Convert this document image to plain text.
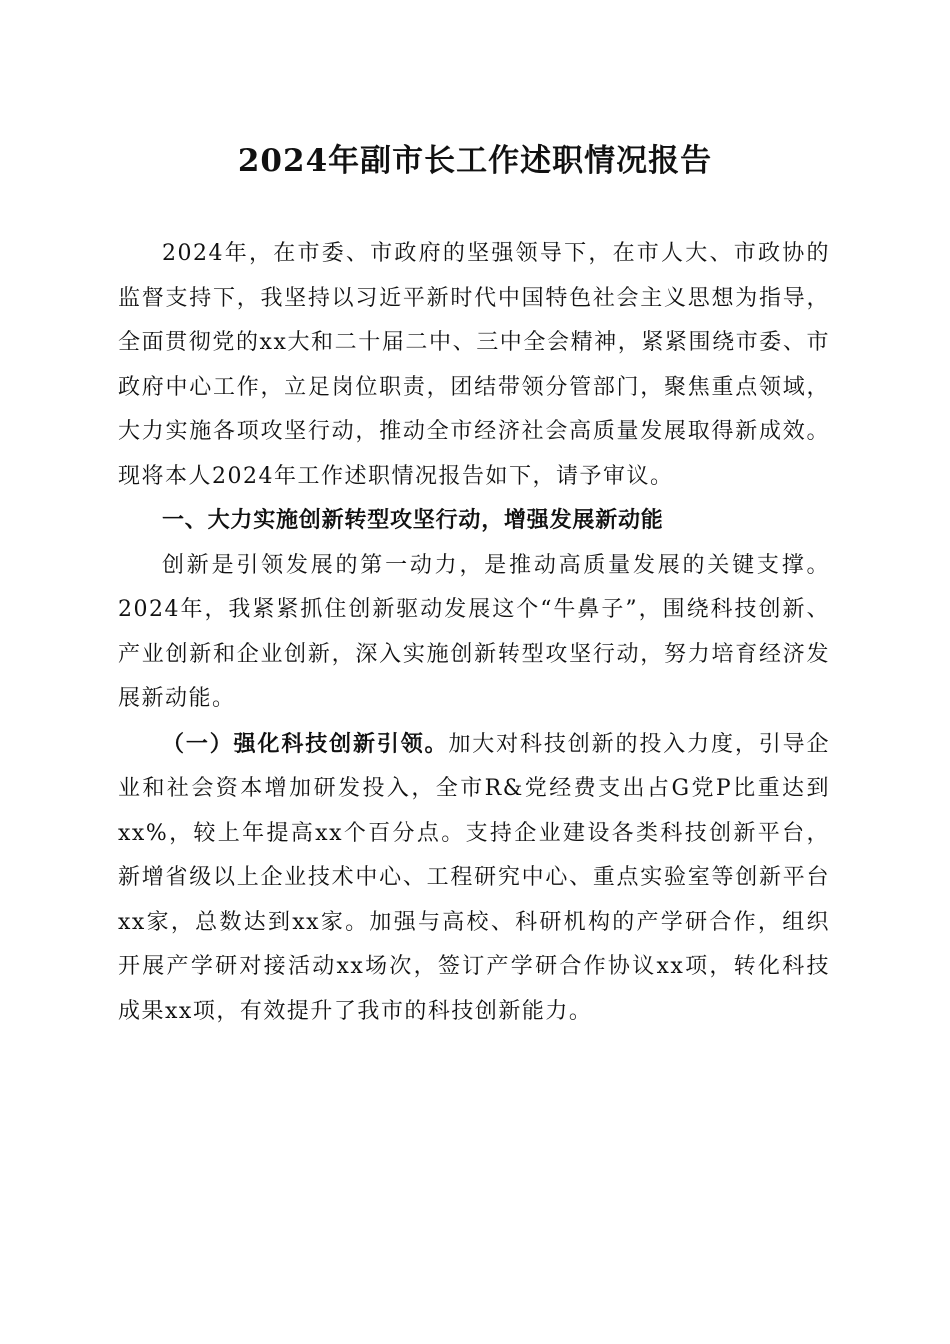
2024年副市长工作述职情况报告

2024年，在市委、市政府的坚强领导下，在市人大、市政协的监督支持下，我坚持以习近平新时代中国特色社会主义思想为指导，全面贯彻党的xx大和二十届二中、三中全会精神，紧紧围绕市委、市政府中心工作，立足岗位职责，团结带领分管部门，聚焦重点领域，大力实施各项攻坚行动，推动全市经济社会高质量发展取得新成效。现将本人2024年工作述职情况报告如下，请予审议。

一、大力实施创新转型攻坚行动，增强发展新动能

创新是引领发展的第一动力，是推动高质量发展的关键支撑。2024年，我紧紧抓住创新驱动发展这个“牛鼻子”，围绕科技创新、产业创新和企业创新，深入实施创新转型攻坚行动，努力培育经济发展新动能。

（一）强化科技创新引领。加大对科技创新的投入力度，引导企业和社会资本增加研发投入，全市R&党经费支出占G党P比重达到xx%，较上年提高xx个百分点。支持企业建设各类科技创新平台，新增省级以上企业技术中心、工程研究中心、重点实验室等创新平台xx家，总数达到xx家。加强与高校、科研机构的产学研合作，组织开展产学研对接活动xx场次，签订产学研合作协议xx项，转化科技成果xx项，有效提升了我市的科技创新能力。
